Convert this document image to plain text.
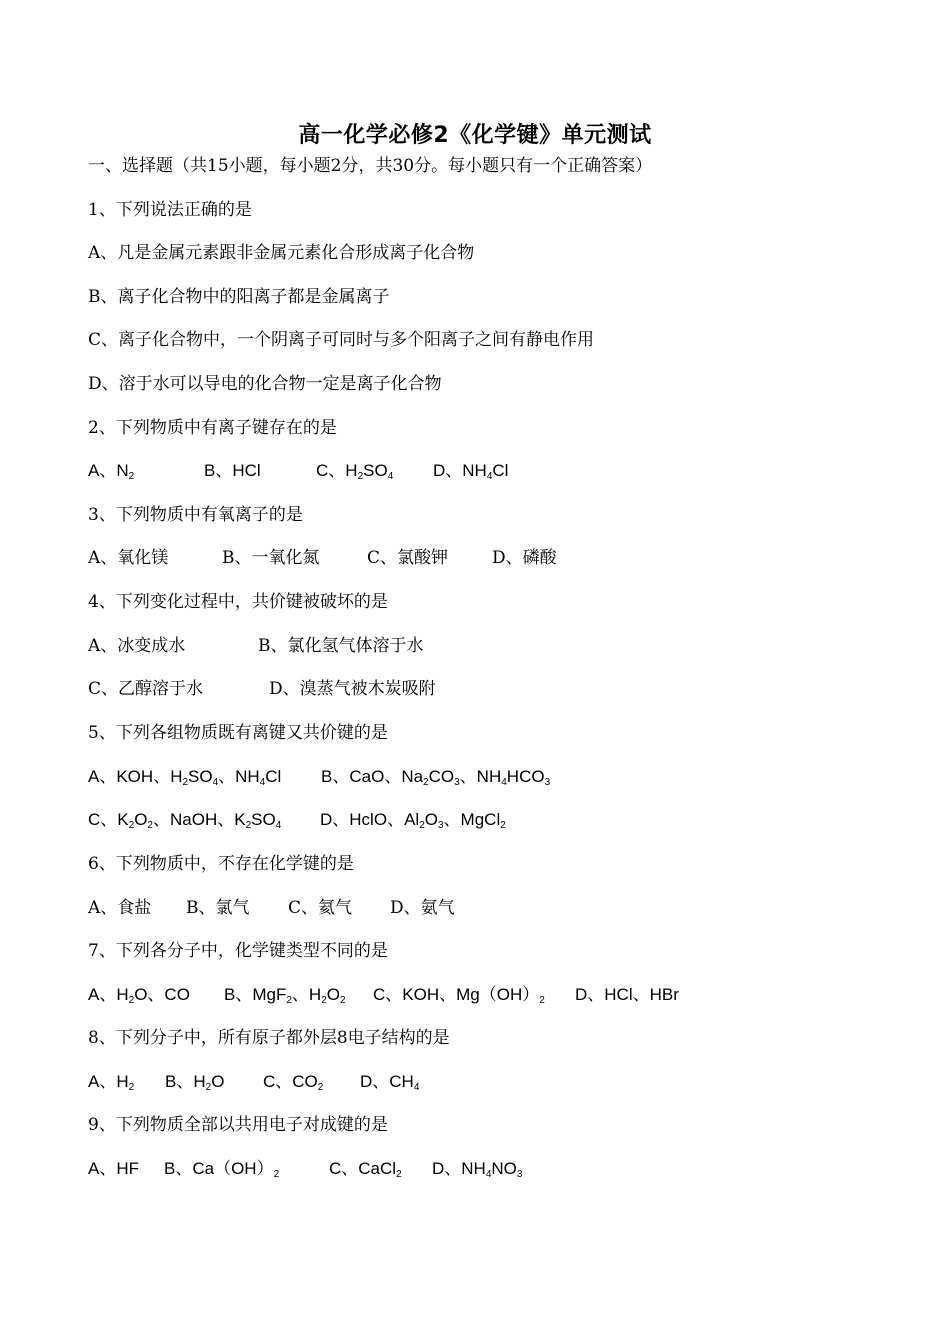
高一化学必修2《化学键》单元测试
一、选择题（共15小题，每小题2分，共30分。每小题只有一个正确答案）
1、下列说法正确的是
A、凡是金属元素跟非金属元素化合形成离子化合物
B、离子化合物中的阳离子都是金属离子
C、离子化合物中，一个阴离子可同时与多个阳离子之间有静电作用
D、溶于水可以导电的化合物一定是离子化合物
2、下列物质中有离子键存在的是
A、$N_2$	B、HCl	C、$H_2SO_4$ D、$NH_4Cl$
3、下列物质中有氧离子的是
A、氧化镁	B、一氧化氮	C、氯酸钾	D、磷酸
4、下列变化过程中，共价键被破坏的是
A、冰变成水	B、氯化氢气体溶于水
C、乙醇溶于水	D、溴蒸气被木炭吸附
5、下列各组物质既有离键又共价键的是
A、KOH、$H_2SO_4$、$NH_4Cl$ B、CaO、$Na_2CO_3$、$NH_4HCO_3$
C、$K_2O_2$、NaOH、$K_2SO_4$ D、HclO、$Al_2O_3$、MgCl$_2$
6、下列物质中，不存在化学键的是
A、食盐 B、氯气 C、氦气 D、氨气
7、下列各分子中，化学键类型不同的是
A、$H_2O$、CO B、MgF$_2$、$H_2O_2$ C、KOH、$Mg(OH)_2$ D、HCl、HBr
8、下列分子中，所有原子都外层8电子结构的是
A、$H_2$ B、$H_2O$ C、$CO_2$ D、$CH_4$
9、下列物质全部以共用电子对成键的是
A、HF B、$Ca(OH)_2$	C、CaCl$_2$ D、$NH_4NO_3$
